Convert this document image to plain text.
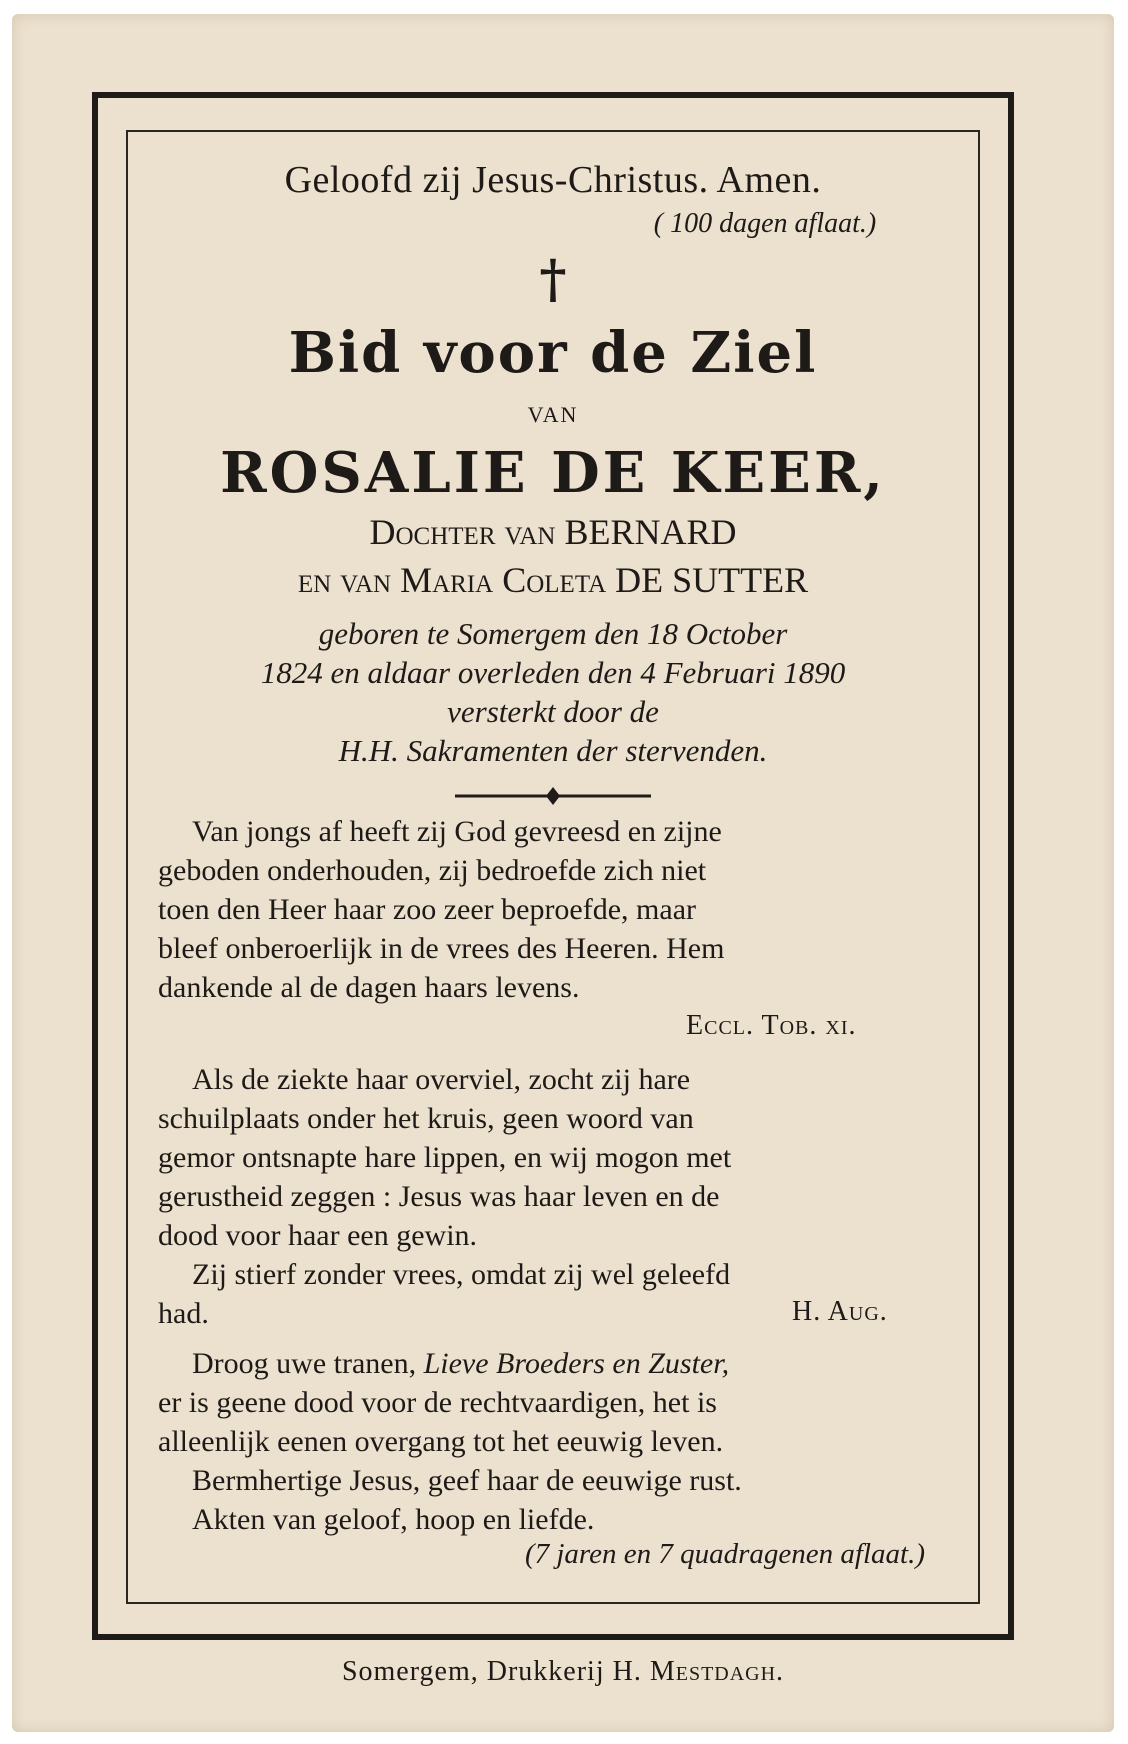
Geloofd zij Jesus-Christus. Amen.
( 100 dagen aflaat.)
†
Bid voor de Ziel
VAN
ROSALIE DE KEER,
Dochter van BERNARD
en van Maria Coleta DE SUTTER
geboren te Somergem den 18 October
1824 en aldaar overleden den 4 Februari 1890
versterkt door de
H.H. Sakramenten der stervenden.
Van jongs af heeft zij God gevreesd en zijne
geboden onderhouden, zij bedroefde zich niet
toen den Heer haar zoo zeer beproefde, maar
bleef onberoerlijk in de vrees des Heeren. Hem
dankende al de dagen haars levens.
Eccl. Tob. xi.
Als de ziekte haar overviel, zocht zij hare
schuilplaats onder het kruis, geen woord van
gemor ontsnapte hare lippen, en wij mogon met
gerustheid zeggen : Jesus was haar leven en de
dood voor haar een gewin.
Zij stierf zonder vrees, omdat zij wel geleefd
had.	H. Aug.
Droog uwe tranen, Lieve Broeders en Zuster,
er is geene dood voor de rechtvaardigen, het is
alleenlijk eenen overgang tot het eeuwig leven.
Bermhertige Jesus, geef haar de eeuwige rust.
Akten van geloof, hoop en liefde.
(7 jaren en 7 quadragenen aflaat.)
Somergem, Drukkerij H. Mestdagh.
